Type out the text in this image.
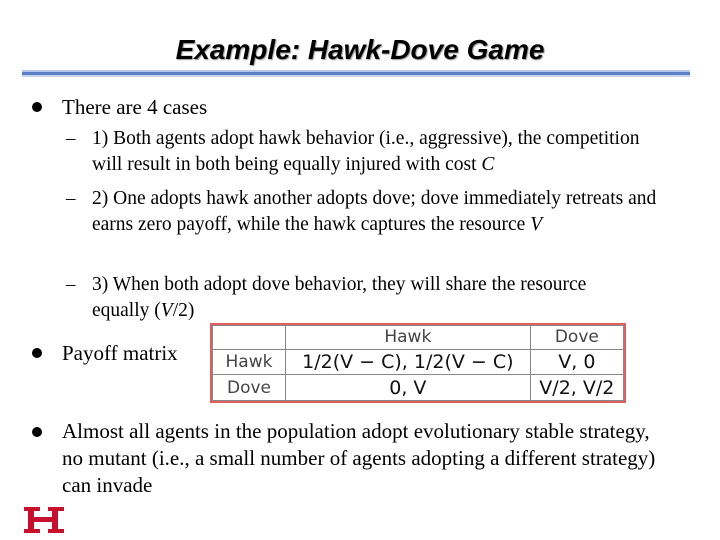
Example: Hawk-Dove Game
There are 4 cases
– 1) Both agents adopt hawk behavior (i.e., aggressive), the competition will result in both being equally injured with cost C
– 2) One adopts hawk another adopts dove; dove immediately retreats and earns zero payoff, while the hawk captures the resource V
– 3) When both adopt dove behavior, they will share the resource
equally (V/2)
Payoff matrix
	Hawk	Dove
Hawk	1/2(V − C), 1/2(V − C)	V, 0
Dove	0, V	V/2, V/2
Almost all agents in the population adopt evolutionary stable strategy, no mutant (i.e., a small number of agents adopting a different strategy) can invade
